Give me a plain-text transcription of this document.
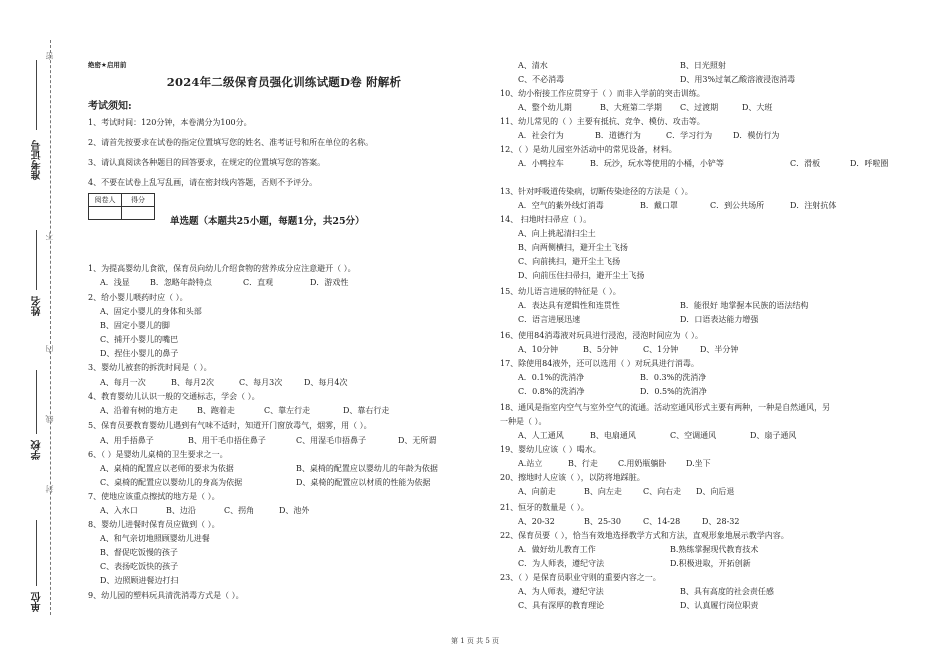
密
不
内
线
封
准考证号
姓名
学校
单位
绝密★启用前
2024年二级保育员强化训练试题D卷 附解析
考试须知:
1、考试时间：120分钟，本卷满分为100分。
2、请首先按要求在试卷的指定位置填写您的姓名、准考证号和所在单位的名称。
3、请认真阅读各种题目的回答要求，在规定的位置填写您的答案。
4、不要在试卷上乱写乱画，请在密封线内答题，否则不予评分。
阅卷人	得分

单选题（本题共25小题，每题1分，共25分）
1、为提高婴幼儿食欲，保育员向幼儿介绍食物的营养成分应注意避开（ ）。
A．浅显	B．忽略年龄特点	C．直观	D．游戏性
2、给小婴儿喂药时应（ ）。
A、固定小婴儿的身体和头部
B、固定小婴儿的脚
C、捕开小婴儿的嘴巴
D、捏住小婴儿的鼻子
3、婴幼儿被套的拆洗时间是（ ）。
A、每月一次	B、每月2次	C、每月3次	D、每月4次
4、教育婴幼儿认识一般的交通标志，学会（ ）。
A、沿着有树的地方走 B、跑着走	C、靠左行走	D、靠右行走
5、保育员要教育婴幼儿遇到有气味不适时，知道开门窗放毒气，烟雾，用（ ）。
A、用手捂鼻子	B、用干毛巾捂住鼻子	C、用湿毛巾捂鼻子	D、无所谓
6、（ ）是婴幼儿桌椅的卫生要求之一。
A、桌椅的配置应以老师的要求为依据	B、桌椅的配置应以婴幼儿的年龄为依据
C、桌椅的配置应以婴幼儿的身高为依据	D、桌椅的配置应以材质的性能为依据
7、使地应该重点擦拭的地方是（ ）。
A、入水口	B、边沿	C、拐角	D、池外
8、婴幼儿进餐时保育员应做到（ ）。
A、和气亲切地照顾婴幼儿进餐
B、督促吃饭慢的孩子
C、表扬吃饭快的孩子
D、边照顾进餐边打扫
9、幼儿园的塑料玩具清洗消毒方式是（ ）。
A、清水	B、日光照射
C、不必消毒	D、用3%过氧乙酸溶液浸泡消毒
10、幼小衔接工作应贯穿于（ ）而非入学前的突击训练。
A、整个幼儿期	B、大班第二学期 C、过渡期	D、大班
11、幼儿常见的（ ）主要有抵抗、竞争、模仿、攻击等。
A．社会行为	B．道德行为	C．学习行为	D．模仿行为
12、（ ）是幼儿园室外活动中的常见设备，材料。
A．小鸭拉车	B．玩沙，玩水等使用的小桶，小铲等	C．滑板	D．呼啦圈
13、针对呼吸道传染病，切断传染途径的方法是（ ）。
A．空气的紫外线灯消毒	B．戴口罩	C．到公共场所	D．注射抗体
14、 扫地时扫帚应（ ）。
A、向上挑起清扫尘土
B、向两侧横扫，避开尘土飞扬
C、向前挑扫，避开尘土飞扬
D、向前压住扫帚扫，避开尘土飞扬
15、幼儿语言进展的特征是（ ）。
A．表达具有逻辑性和连贯性	B．能很好 地掌握本民族的语法结构
C．语言进展迅速	D．口语表达能力增强
16、使用84消毒液对玩具进行浸泡，浸泡时间应为（ ）。
A、10分钟	B、5分钟	C、1分钟	D、半分钟
17、除使用84液外，还可以选用（ ）对玩具进行消毒。
A．0.1%的洗消净	B．0.3%的洗消净
C．0.8%的洗消净	D．0.5%的洗消净
18、通风是指室内空气与室外空气的流通。活动室通风形式主要有两种，一种是自然通风，另
一种是（ ）。
A、人工通风	B、电扇通风	C、空调通风	D、扇子通风
19、婴幼儿应该（ ）喝水。
A.站立	B、行走	C.用奶瓶躺卧 D.坐下
20、擦地时人应该（ ），以防将地踩脏。
A、向前走	B、向左走	C、向右走 D、向后退
21、恒牙的数量是（ ）。
A、20-32	B、25-30	C、14-28	D、28-32
22、保育员要（ ），恰当有效地选择教学方式和方法，直观形象地展示教学内容。
A．做好幼儿教育工作	B.熟练掌握现代教育技术
C．为人师表，遵纪守法	D.积极进取，开拓创新
23、（ ）是保育员职业守则的重要内容之一。
A、为人师表，遵纪守法	B、具有高度的社会责任感
C、具有深厚的教育理论	D、认真履行岗位职责
第 1 页 共 5 页
